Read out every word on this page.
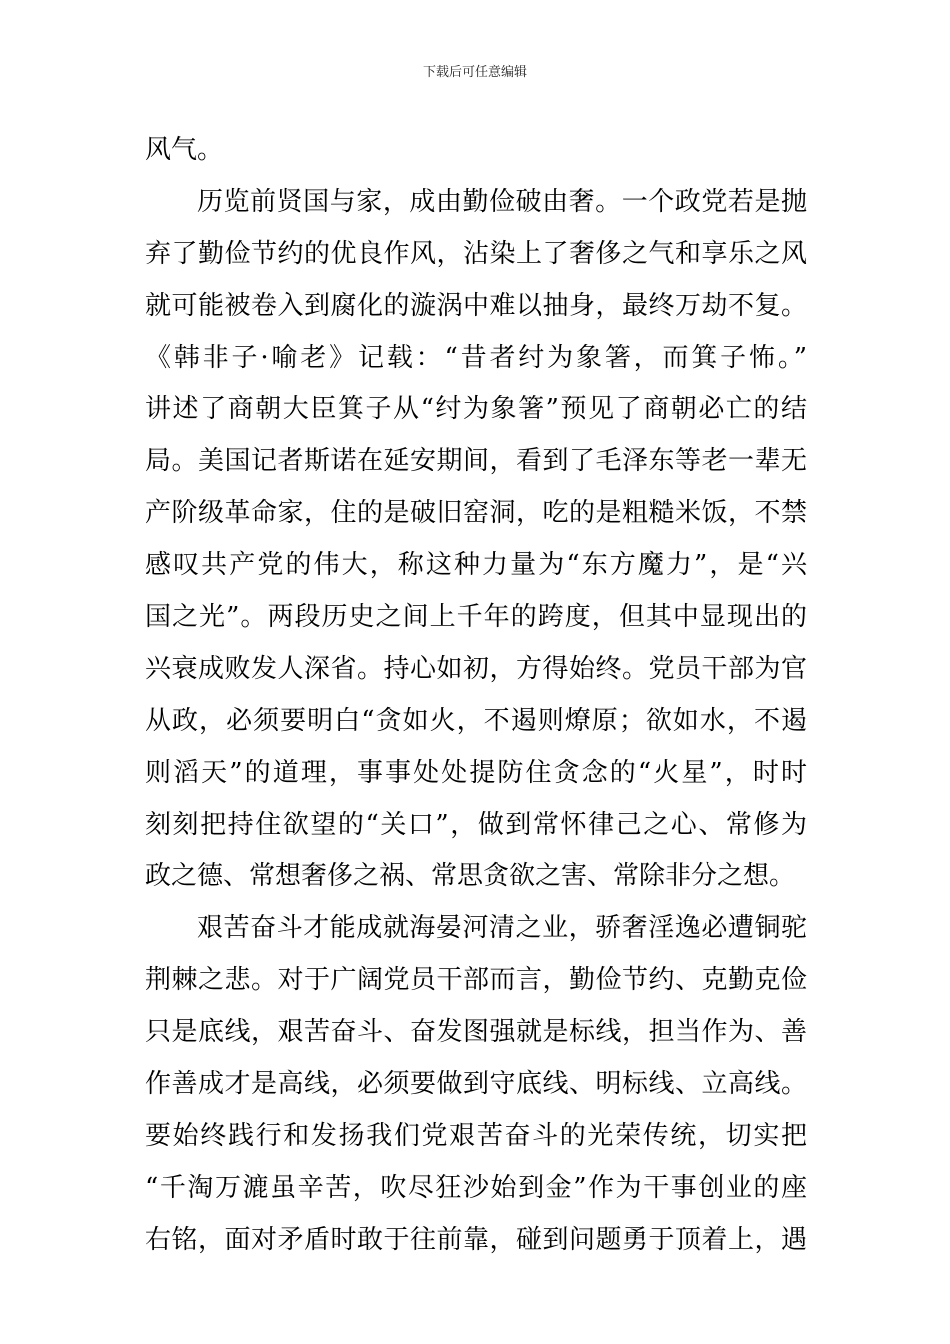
下载后可任意编辑
风气。
历览前贤国与家，成由勤俭破由奢。一个政党若是抛
弃了勤俭节约的优良作风，沾染上了奢侈之气和享乐之风
就可能被卷入到腐化的漩涡中难以抽身，最终万劫不复。
《韩非子·喻老》记载：“昔者纣为象箸，而箕子怖。”
讲述了商朝大臣箕子从“纣为象箸”预见了商朝必亡的结
局。美国记者斯诺在延安期间，看到了毛泽东等老一辈无
产阶级革命家，住的是破旧窑洞，吃的是粗糙米饭，不禁
感叹共产党的伟大，称这种力量为“东方魔力”，是“兴
国之光”。两段历史之间上千年的跨度，但其中显现出的
兴衰成败发人深省。持心如初，方得始终。党员干部为官
从政，必须要明白“贪如火，不遏则燎原；欲如水，不遏
则滔天”的道理，事事处处提防住贪念的“火星”，时时
刻刻把持住欲望的“关口”，做到常怀律己之心、常修为
政之德、常想奢侈之祸、常思贪欲之害、常除非分之想。
艰苦奋斗才能成就海晏河清之业，骄奢淫逸必遭铜驼
荆棘之悲。对于广阔党员干部而言，勤俭节约、克勤克俭
只是底线，艰苦奋斗、奋发图强就是标线，担当作为、善
作善成才是高线，必须要做到守底线、明标线、立高线。
要始终践行和发扬我们党艰苦奋斗的光荣传统，切实把
“千淘万漉虽辛苦，吹尽狂沙始到金”作为干事创业的座
右铭，面对矛盾时敢于往前靠，碰到问题勇于顶着上，遇
